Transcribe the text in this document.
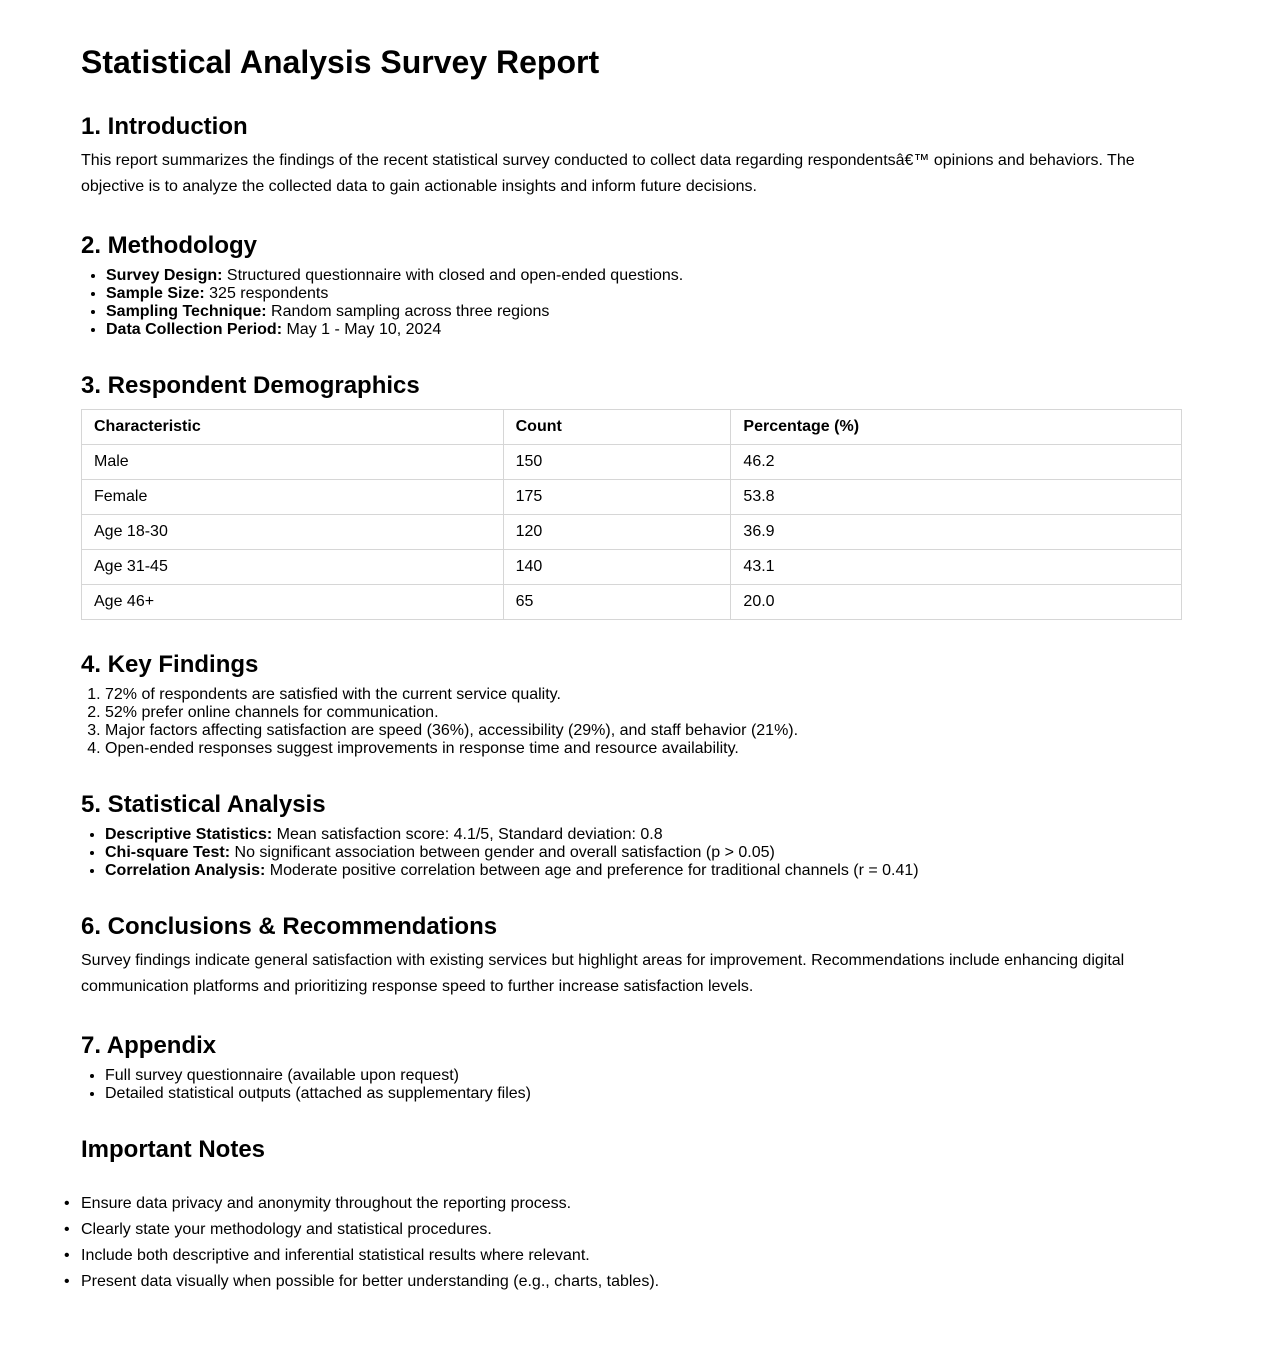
Statistical Analysis Survey Report
1. Introduction

This report summarizes the findings of the recent statistical survey conducted to collect data regarding respondentsâ€™ opinions and behaviors. The objective is to analyze the collected data to gain actionable insights and inform future decisions.

2. Methodology
• Survey Design: Structured questionnaire with closed and open-ended questions.
• Sample Size: 325 respondents
• Sampling Technique: Random sampling across three regions
• Data Collection Period: May 1 - May 10, 2024
3. Respondent Demographics
Characteristic	Count	Percentage (%)
Male	150	46.2
Female	175	53.8
Age 18-30	120	36.9
Age 31-45	140	43.1
Age 46+	65	20.0
4. Key Findings
1. 72% of respondents are satisfied with the current service quality.
2. 52% prefer online channels for communication.
3. Major factors affecting satisfaction are speed (36%), accessibility (29%), and staff behavior (21%).
4. Open-ended responses suggest improvements in response time and resource availability.
5. Statistical Analysis
• Descriptive Statistics: Mean satisfaction score: 4.1/5, Standard deviation: 0.8
• Chi-square Test: No significant association between gender and overall satisfaction (p > 0.05)
• Correlation Analysis: Moderate positive correlation between age and preference for traditional channels (r = 0.41)
6. Conclusions & Recommendations

Survey findings indicate general satisfaction with existing services but highlight areas for improvement. Recommendations include enhancing digital communication platforms and prioritizing response speed to further increase satisfaction levels.

7. Appendix
• Full survey questionnaire (available upon request)
• Detailed statistical outputs (attached as supplementary files)
Important Notes
• Ensure data privacy and anonymity throughout the reporting process.
• Clearly state your methodology and statistical procedures.
• Include both descriptive and inferential statistical results where relevant.
• Present data visually when possible for better understanding (e.g., charts, tables).
